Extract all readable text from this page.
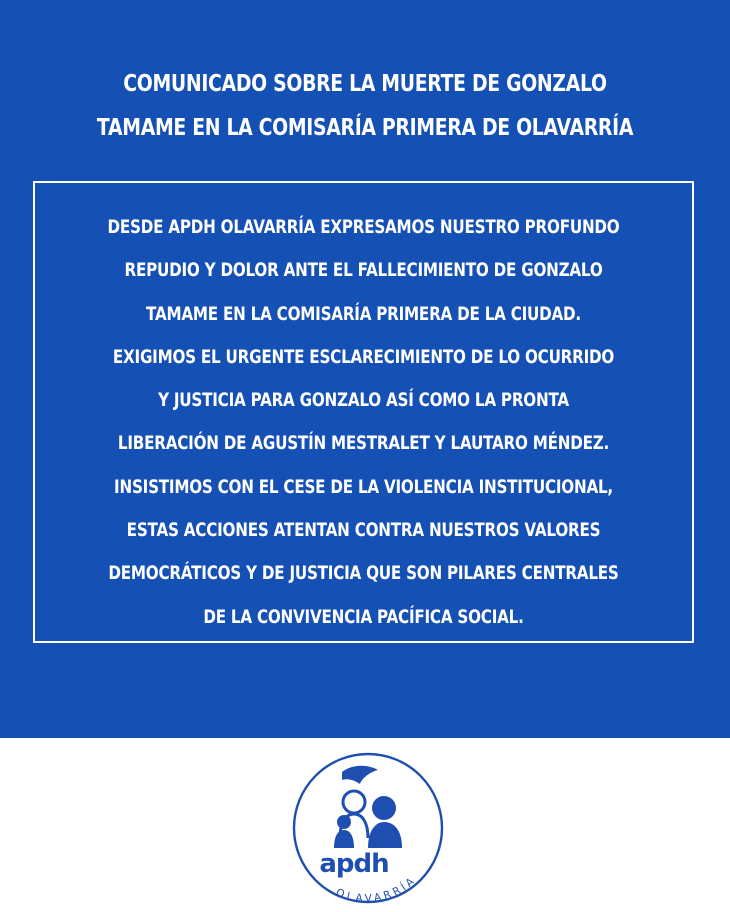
COMUNICADO SOBRE LA MUERTE DE GONZALO TAMAME EN LA COMISARÍA PRIMERA DE OLAVARRÍA

DESDE APDH OLAVARRÍA EXPRESAMOS NUESTRO PROFUNDO REPUDIO Y DOLOR ANTE EL FALLECIMIENTO DE GONZALO TAMAME EN LA COMISARÍA PRIMERA DE LA CIUDAD.

EXIGIMOS EL URGENTE ESCLARECIMIENTO DE LO OCURRIDO Y JUSTICIA PARA GONZALO ASÍ COMO LA PRONTA LIBERACIÓN DE AGUSTÍN MESTRALET Y LAUTARO MÉNDEZ.

INSISTIMOS CON EL CESE DE LA VIOLENCIA INSTITUCIONAL, ESTAS ACCIONES ATENTAN CONTRA NUESTROS VALORES DEMOCRÁTICOS Y DE JUSTICIA QUE SON PILARES CENTRALES DE LA CONVIVENCIA PACÍFICA SOCIAL.

apdh
OLAVARRÍA
